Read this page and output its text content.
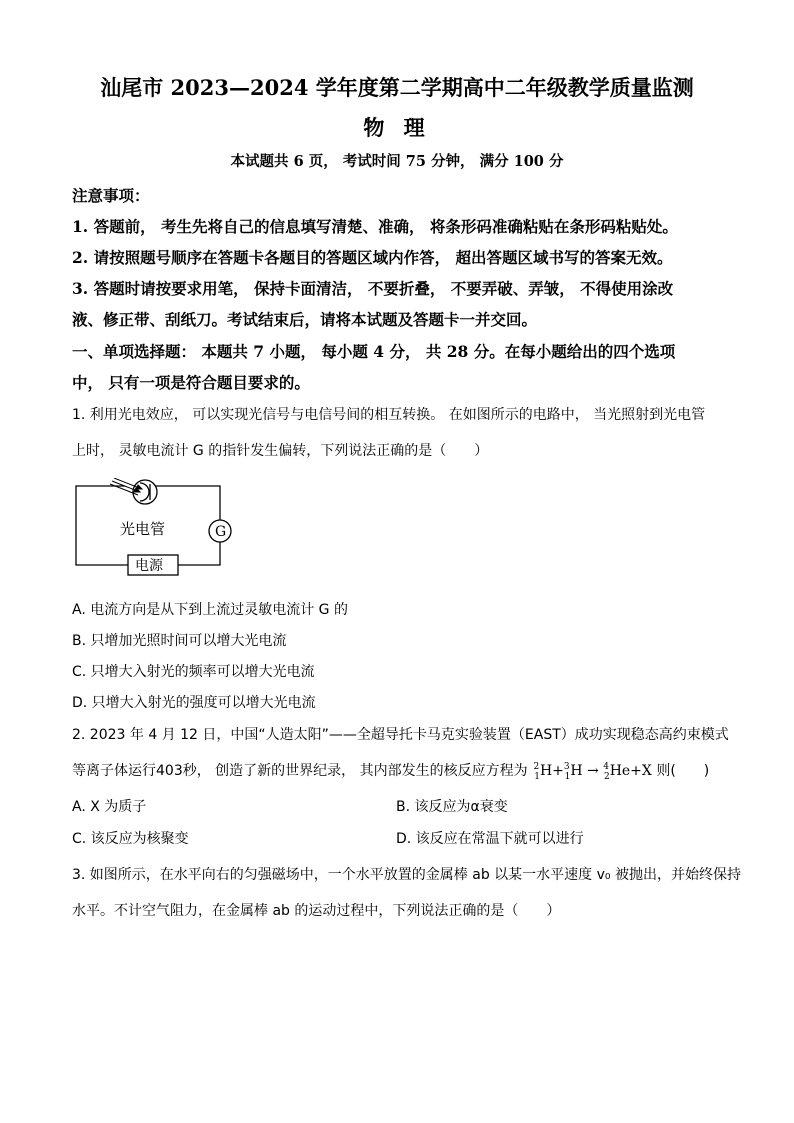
汕尾市 2023—2024 学年度第二学期高中二年级教学质量监测
物 理
本试题共 6 页， 考试时间 75 分钟， 满分 100 分
注意事项：
1. 答题前， 考生先将自己的信息填写清楚、准确， 将条形码准确粘贴在条形码粘贴处。
2. 请按照题号顺序在答题卡各题目的答题区域内作答， 超出答题区域书写的答案无效。
3. 答题时请按要求用笔， 保持卡面清洁， 不要折叠， 不要弄破、弄皱， 不得使用涂改
液、修正带、刮纸刀。考试结束后，请将本试题及答题卡一并交回。
一、单项选择题： 本题共 7 小题， 每小题 4 分， 共 28 分。在每小题给出的四个选项
中， 只有一项是符合题目要求的。
1. 利用光电效应， 可以实现光信号与电信号间的相互转换。 在如图所示的电路中， 当光照射到光电管
上时， 灵敏电流计 G 的指针发生偏转，下列说法正确的是（　　）
光电管	G
电源
A. 电流方向是从下到上流过灵敏电流计 G 的
B. 只增加光照时间可以增大光电流
C. 只增大入射光的频率可以增大光电流
D. 只增大入射光的强度可以增大光电流
2. 2023 年 4 月 12 日，中国“人造太阳”——全超导托卡马克实验装置（EAST）成功实现稳态高约束模式
等离子体运行403秒， 创造了新的世界纪录， 其内部发生的核反应方程为   $^2_1$H+$^3_1$H → $^4_2$He+X 则(　　)
A. X 为质子	B. 该反应为α衰变
C. 该反应为核聚变	D. 该反应在常温下就可以进行
3. 如图所示，在水平向右的匀强磁场中，一个水平放置的金属棒 ab 以某一水平速度 v₀ 被抛出，并始终保持
水平。不计空气阻力，在金属棒 ab 的运动过程中，下列说法正确的是（　　）
